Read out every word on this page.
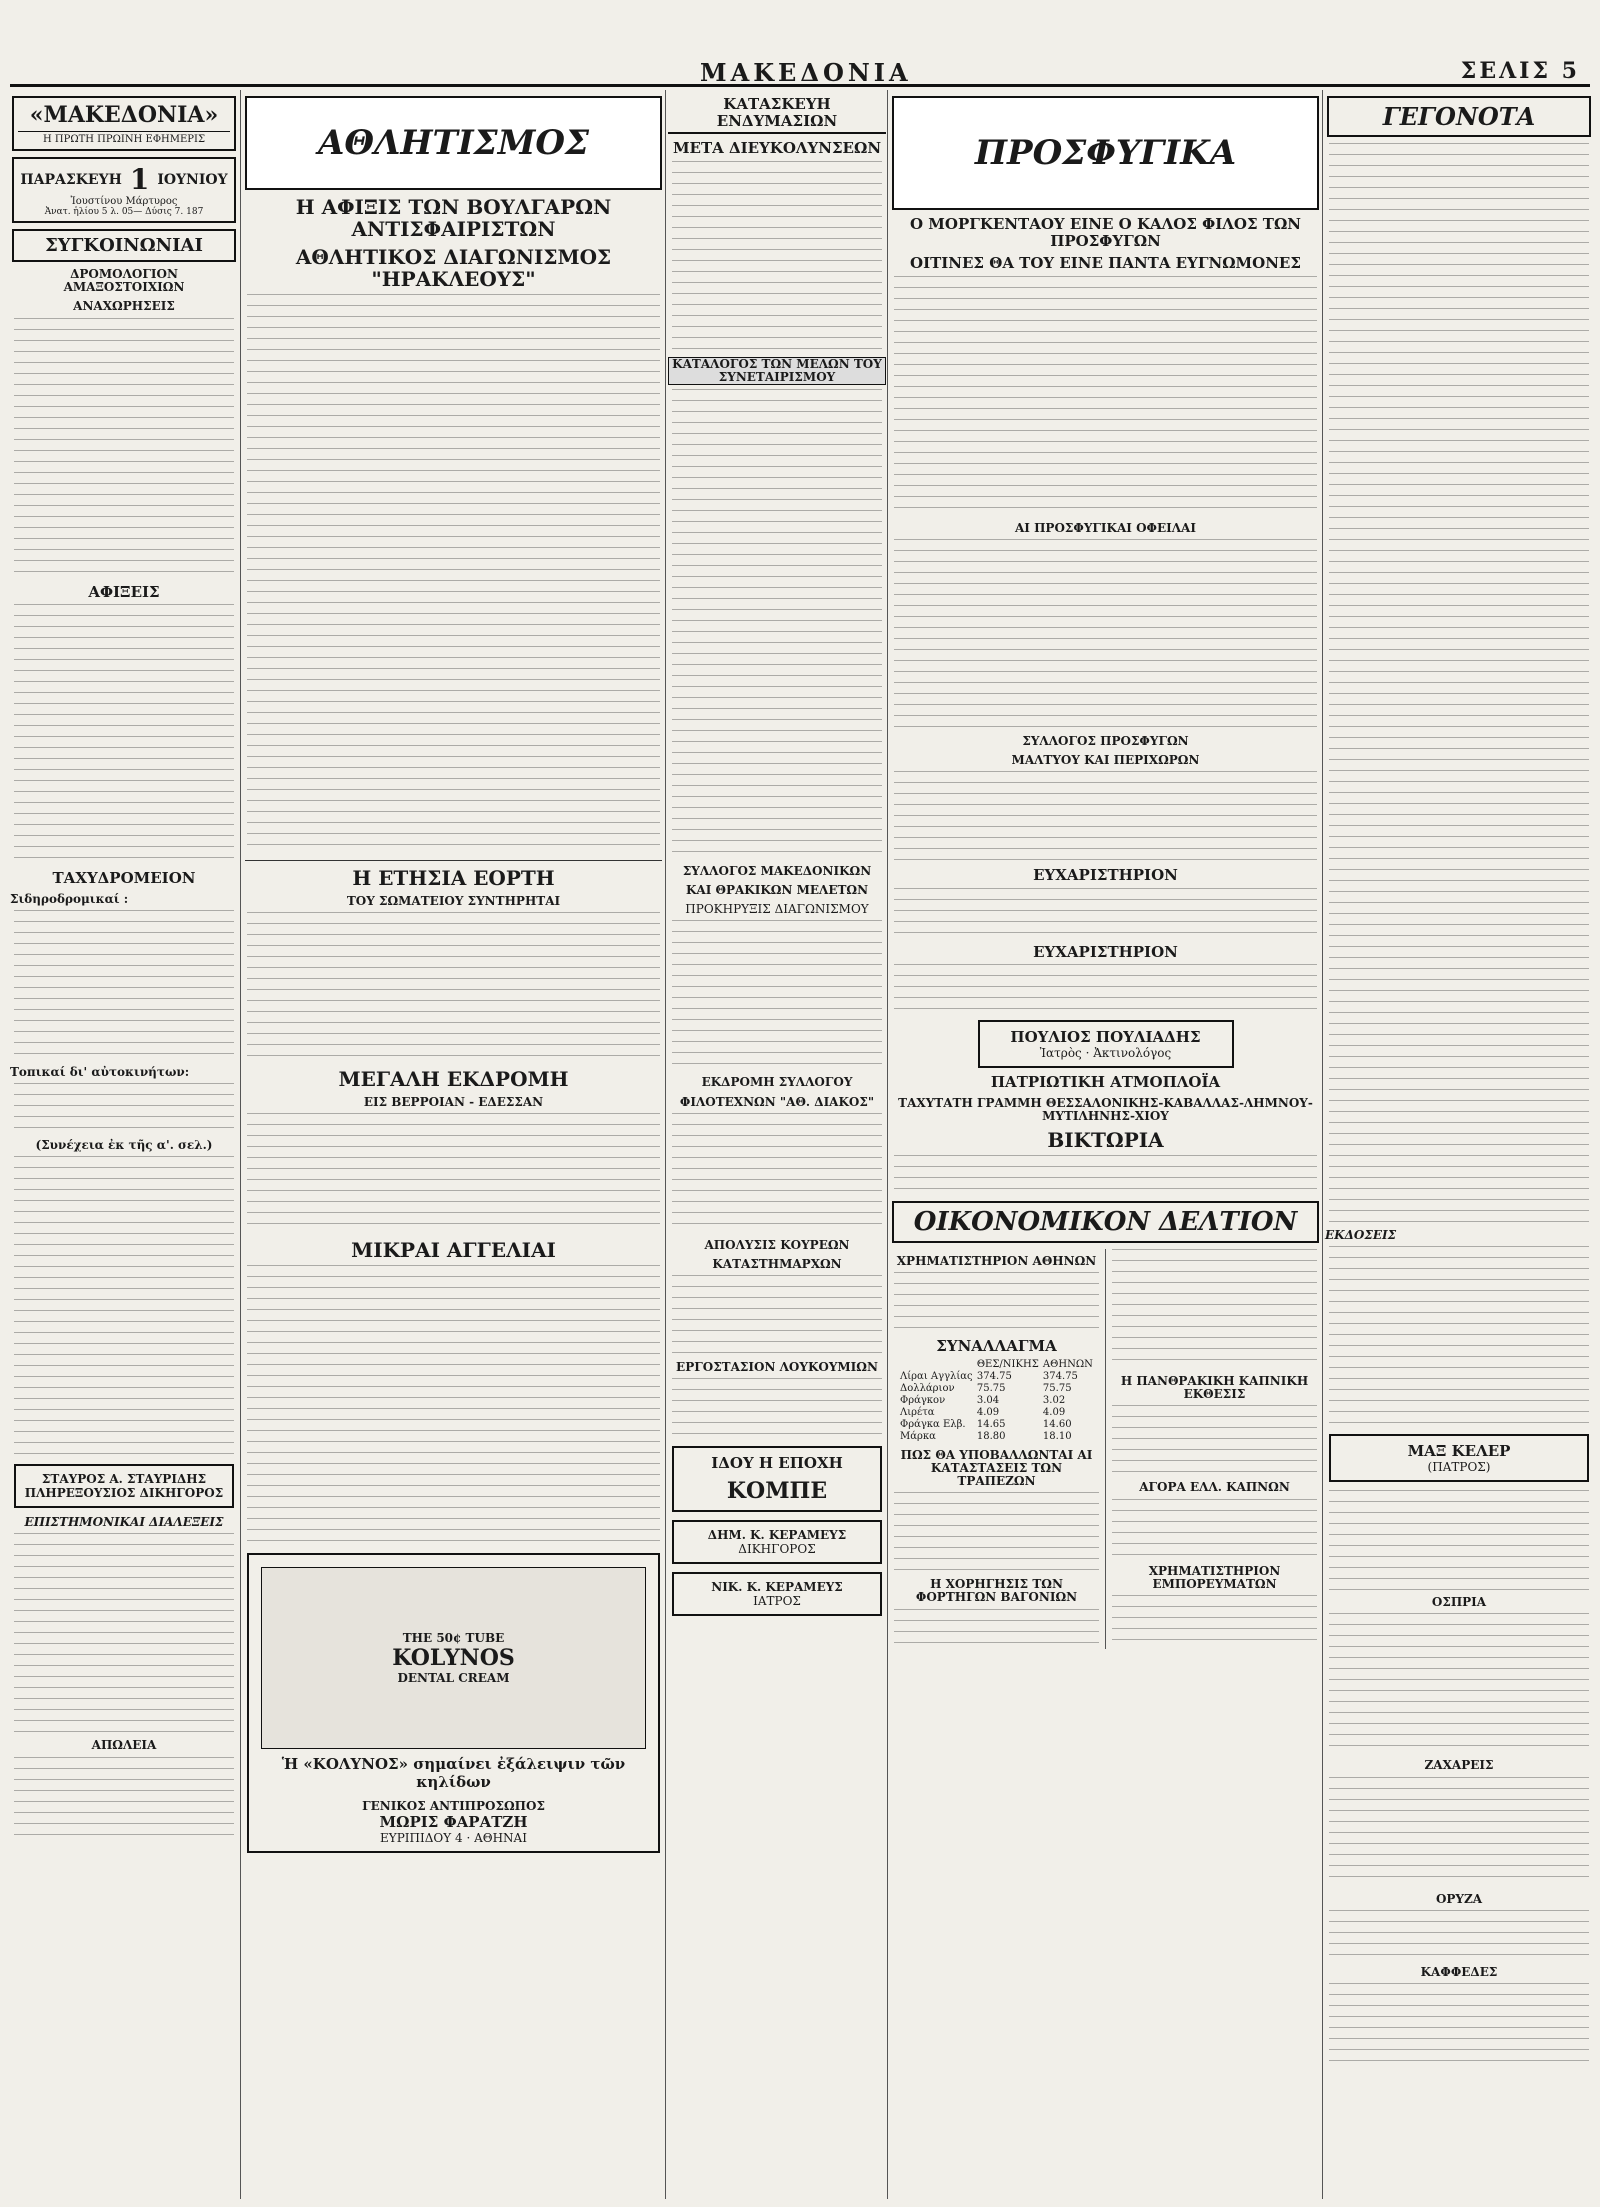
ΜΑΚΕΔΟΝΙΑ	ΣΕΛΙΣ 5
«ΜΑΚΕΔΟΝΙΑ»
Η ΠΡΩΤΗ ΠΡΩΙΝΗ ΕΦΗΜΕΡΙΣ
ΠΑΡΑΣΚΕΥΗ 1 ΙΟΥΝΙΟΥ
Ἰουστίνου Μάρτυρος
Ἀνατ. ἡλίου 5 λ. 05— Δύσις 7. 187
ΣΥΓΚΟΙΝΩΝΙΑΙ
ΔΡΟΜΟΛΟΓΙΟΝ ΑΜΑΞΟΣΤΟΙΧΙΩΝ
ΑΝΑΧΩΡΗΣΕΙΣ
ΑΦΙΞΕΙΣ
ΤΑΧΥΔΡΟΜΕΙΟΝ
Σιδηροδρομικαί :
Τοπικαί δι' αὐτοκινήτων:
(Συνέχεια ἐκ τῆς α'. σελ.)
ΣΤΑΥΡΟΣ Α. ΣΤΑΥΡΙΔΗΣ
ΠΛΗΡΕΞΟΥΣΙΟΣ ΔΙΚΗΓΟΡΟΣ
ΕΠΙΣΤΗΜΟΝΙΚΑΙ ΔΙΑΛΕΞΕΙΣ
ΑΠΩΛΕΙΑ
ΑΘΛΗΤΙΣΜΟΣ
Η ΑΦΙΞΙΣ ΤΩΝ ΒΟΥΛΓΑΡΩΝ ΑΝΤΙΣΦΑΙΡΙΣΤΩΝ
ΑΘΛΗΤΙΚΟΣ ΔΙΑΓΩΝΙΣΜΟΣ "ΗΡΑΚΛΕΟΥΣ"
Η ΕΤΗΣΙΑ ΕΟΡΤΗ
ΤΟΥ ΣΩΜΑΤΕΙΟΥ ΣΥΝΤΗΡΗΤΑΙ
ΜΕΓΑΛΗ ΕΚΔΡΟΜΗ
ΕΙΣ ΒΕΡΡΟΙΑΝ - ΕΔΕΣΣΑΝ
ΜΙΚΡΑΙ ΑΓΓΕΛΙΑΙ
THE 50¢ TUBE
KOLYNOS
DENTAL CREAM
Ἡ «ΚΟΛΥΝΟΣ» σημαίνει ἐξάλειψιν τῶν κηλίδων
ΓΕΝΙΚΟΣ ΑΝΤΙΠΡΟΣΩΠΟΣ
ΜΩΡΙΣ ΦΑΡΑΤΖΗ
ΕΥΡΙΠΙΔΟΥ 4 · ΑΘΗΝΑΙ
ΚΑΤΑΣΚΕΥΗ ΕΝΔΥΜΑΣΙΩΝ
ΜΕΤΑ ΔΙΕΥΚΟΛΥΝΣΕΩΝ
ΚΑΤΑΛΟΓΟΣ ΤΩΝ ΜΕΛΩΝ ΤΟΥ ΣΥΝΕΤΑΙΡΙΣΜΟΥ
ΣΥΛΛΟΓΟΣ ΜΑΚΕΔΟΝΙΚΩΝ
ΚΑΙ ΘΡΑΚΙΚΩΝ ΜΕΛΕΤΩΝ
ΠΡΟΚΗΡΥΞΙΣ ΔΙΑΓΩΝΙΣΜΟΥ
ΕΚΔΡΟΜΗ ΣΥΛΛΟΓΟΥ
ΦΙΛΟΤΕΧΝΩΝ "ΑΘ. ΔΙΑΚΟΣ"
ΑΠΟΛΥΣΙΣ ΚΟΥΡΕΩΝ
ΚΑΤΑΣΤΗΜΑΡΧΩΝ
ΕΡΓΟΣΤΑΣΙΟΝ ΛΟΥΚΟΥΜΙΩΝ
ΙΔΟΥ Η ΕΠΟΧΗ
ΚΟΜΠΕ
ΔΗΜ. Κ. ΚΕΡΑΜΕΥΣ
ΔΙΚΗΓΟΡΟΣ
ΝΙΚ. Κ. ΚΕΡΑΜΕΥΣ
ΙΑΤΡΟΣ
ΠΡΟΣΦΥΓΙΚΑ
Ο ΜΟΡΓΚΕΝΤΑΟΥ ΕΙΝΕ Ο ΚΑΛΟΣ ΦΙΛΟΣ ΤΩΝ ΠΡΟΣΦΥΓΩΝ
ΟΙΤΙΝΕΣ ΘΑ ΤΟΥ ΕΙΝΕ ΠΑΝΤΑ ΕΥΓΝΩΜΟΝΕΣ
ΑΙ ΠΡΟΣΦΥΓΙΚΑΙ ΟΦΕΙΛΑΙ
ΣΥΛΛΟΓΟΣ ΠΡΟΣΦΥΓΩΝ
ΜΑΛΤΥΟΥ ΚΑΙ ΠΕΡΙΧΩΡΩΝ
ΕΥΧΑΡΙΣΤΗΡΙΟΝ
ΕΥΧΑΡΙΣΤΗΡΙΟΝ
ΠΟΥΛΙΟΣ ΠΟΥΛΙΑΔΗΣ
Ἰατρὸς · Ἀκτινολόγος
ΠΑΤΡΙΩΤΙΚΗ ΑΤΜΟΠΛΟΪΑ
ΤΑΧΥΤΑΤΗ ΓΡΑΜΜΗ ΘΕΣΣΑΛΟΝΙΚΗΣ-ΚΑΒΑΛΛΑΣ-ΛΗΜΝΟΥ-ΜΥΤΙΛΗΝΗΣ-ΧΙΟΥ
ΒΙΚΤΩΡΙΑ
ΟΙΚΟΝΟΜΙΚΟΝ ΔΕΛΤΙΟΝ
ΧΡΗΜΑΤΙΣΤΗΡΙΟΝ ΑΘΗΝΩΝ
ΣΥΝΑΛΛΑΓΜΑ
	ΘΕΣ/ΝΙΚΗΣ	ΑΘΗΝΩΝ
Λίραι Αγγλίας	374.75	374.75
Δολλάριον	75.75	75.75
Φράγκον	3.04	3.02
Λιρέτα	4.09	4.09
Φράγκα Ελβ.	14.65	14.60
Μάρκα	18.80	18.10
ΠΩΣ ΘΑ ΥΠΟΒΑΛΛΩΝΤΑΙ ΑΙ ΚΑΤΑΣΤΑΣΕΙΣ ΤΩΝ ΤΡΑΠΕΖΩΝ
Η ΧΟΡΗΓΗΣΙΣ ΤΩΝ ΦΟΡΤΗΓΩΝ ΒΑΓΟΝΙΩΝ
Η ΠΑΝΘΡΑΚΙΚΗ ΚΑΠΝΙΚΗ ΕΚΘΕΣΙΣ
ΑΓΟΡΑ ΕΛΛ. ΚΑΠΝΩΝ
ΧΡΗΜΑΤΙΣΤΗΡΙΟΝ ΕΜΠΟΡΕΥΜΑΤΩΝ
ΓΕΓΟΝΟΤΑ
ΕΚΔΟΣΕΙΣ
ΜΑΞ ΚΕΛΕΡ
(ΠΑΤΡΟΣ)
ΟΣΠΡΙΑ
ΖΑΧΑΡΕΙΣ
ΟΡΥΖΑ
ΚΑΦΦΕΔΕΣ
